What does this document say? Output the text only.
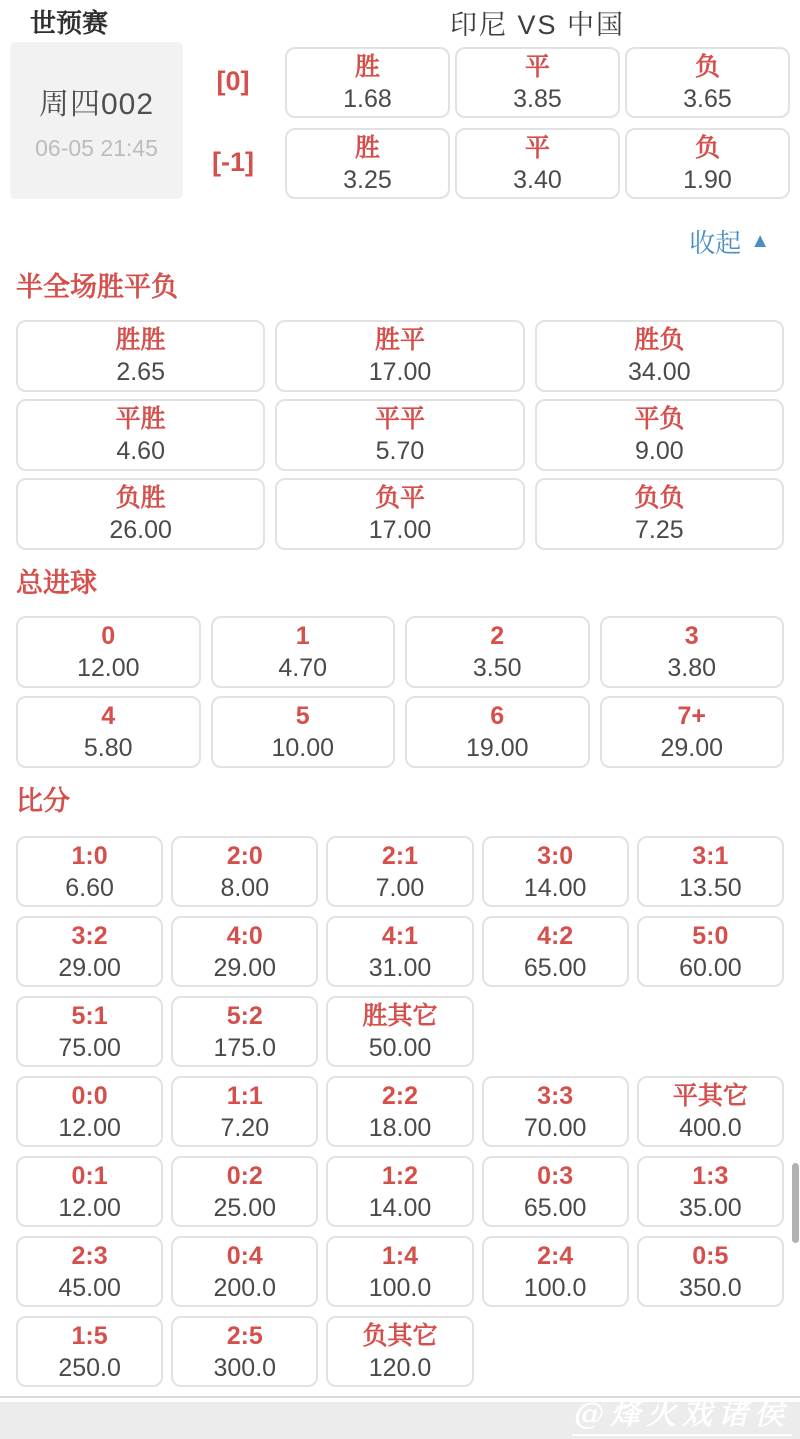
世预赛	印尼 VS 中国
周四002
06-05 21:45
[0]
[-1]
胜
1.68
平
3.85
负
3.65
胜
3.25
平
3.40
负
1.90
收起 ▲
半全场胜平负
胜胜
2.65
胜平
17.00
胜负
34.00
平胜
4.60
平平
5.70
平负
9.00
负胜
26.00
负平
17.00
负负
7.25
总进球
0
12.00
1
4.70
2
3.50
3
3.80
4
5.80
5
10.00
6
19.00
7+
29.00
比分
1:0
6.60
2:0
8.00
2:1
7.00
3:0
14.00
3:1
13.50
3:2
29.00
4:0
29.00
4:1
31.00
4:2
65.00
5:0
60.00
5:1
75.00
5:2
175.0
胜其它
50.00
0:0
12.00
1:1
7.20
2:2
18.00
3:3
70.00
平其它
400.0
0:1
12.00
0:2
25.00
1:2
14.00
0:3
65.00
1:3
35.00
2:3
45.00
0:4
200.0
1:4
100.0
2:4
100.0
0:5
350.0
1:5
250.0
2:5
300.0
负其它
120.0
@烽火戏诸侯
